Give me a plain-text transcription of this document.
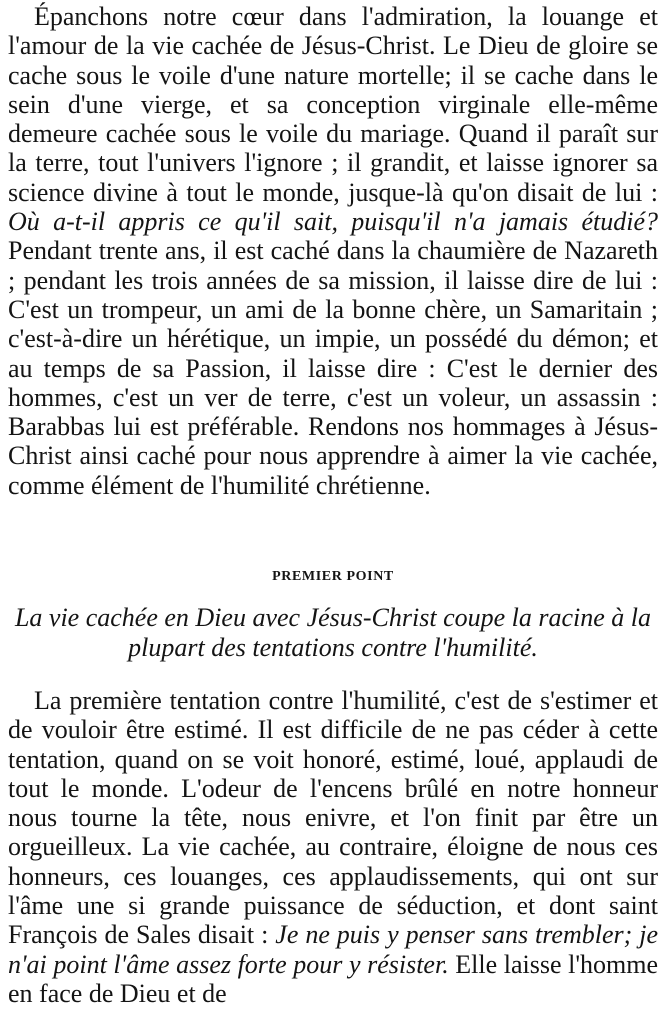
Épanchons notre cœur dans l'admiration, la louange et l'amour de la vie cachée de Jésus-Christ. Le Dieu de gloire se cache sous le voile d'une nature mortelle; il se cache dans le sein d'une vierge, et sa conception virginale elle-même demeure cachée sous le voile du mariage. Quand il paraît sur la terre, tout l'univers l'ignore ; il grandit, et laisse ignorer sa science divine à tout le monde, jusque-là qu'on disait de lui : Où a-t-il appris ce qu'il sait, puisqu'il n'a jamais étudié? Pendant trente ans, il est caché dans la chaumière de Nazareth ; pendant les trois années de sa mission, il laisse dire de lui : C'est un trompeur, un ami de la bonne chère, un Samaritain ; c'est-à-dire un hérétique, un impie, un possédé du démon; et au temps de sa Passion, il laisse dire : C'est le dernier des hommes, c'est un ver de terre, c'est un voleur, un assassin : Barabbas lui est préférable. Rendons nos hommages à Jésus-Christ ainsi caché pour nous apprendre à aimer la vie cachée, comme élément de l'humilité chrétienne.

PREMIER POINT
La vie cachée en Dieu avec Jésus-Christ coupe la racine à la plupart des tentations contre l'humilité.

La première tentation contre l'humilité, c'est de s'estimer et de vouloir être estimé. Il est difficile de ne pas céder à cette tentation, quand on se voit honoré, estimé, loué, applaudi de tout le monde. L'odeur de l'encens brûlé en notre honneur nous tourne la tête, nous enivre, et l'on finit par être un orgueilleux. La vie cachée, au contraire, éloigne de nous ces honneurs, ces louanges, ces applaudissements, qui ont sur l'âme une si grande puissance de séduction, et dont saint François de Sales disait : Je ne puis y penser sans trembler; je n'ai point l'âme assez forte pour y résister. Elle laisse l'homme en face de Dieu et de
